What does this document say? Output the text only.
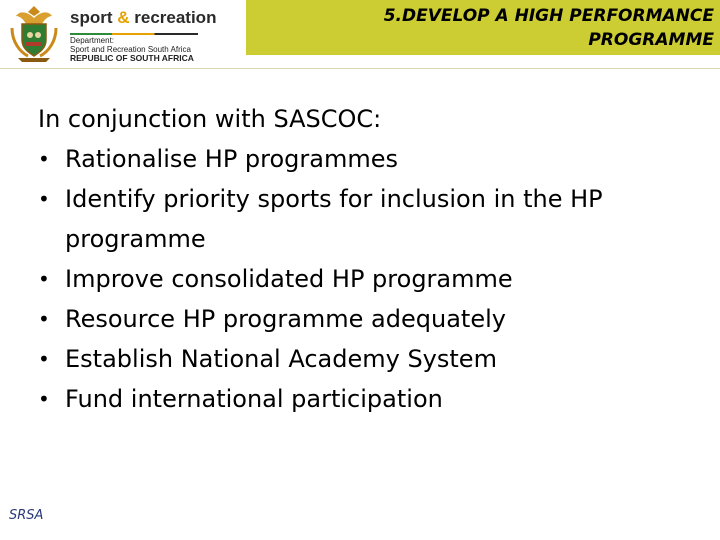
sport & recreation
Department:
Sport and Recreation South Africa
REPUBLIC OF SOUTH AFRICA
5.DEVELOP A HIGH PERFORMANCE
PROGRAMME

In conjunction with SASCOC:

• Rationalise HP programmes
• Identify priority sports for inclusion in the HP programme
• Improve consolidated HP programme
• Resource HP programme adequately
• Establish National Academy System
• Fund international participation
SRSA
